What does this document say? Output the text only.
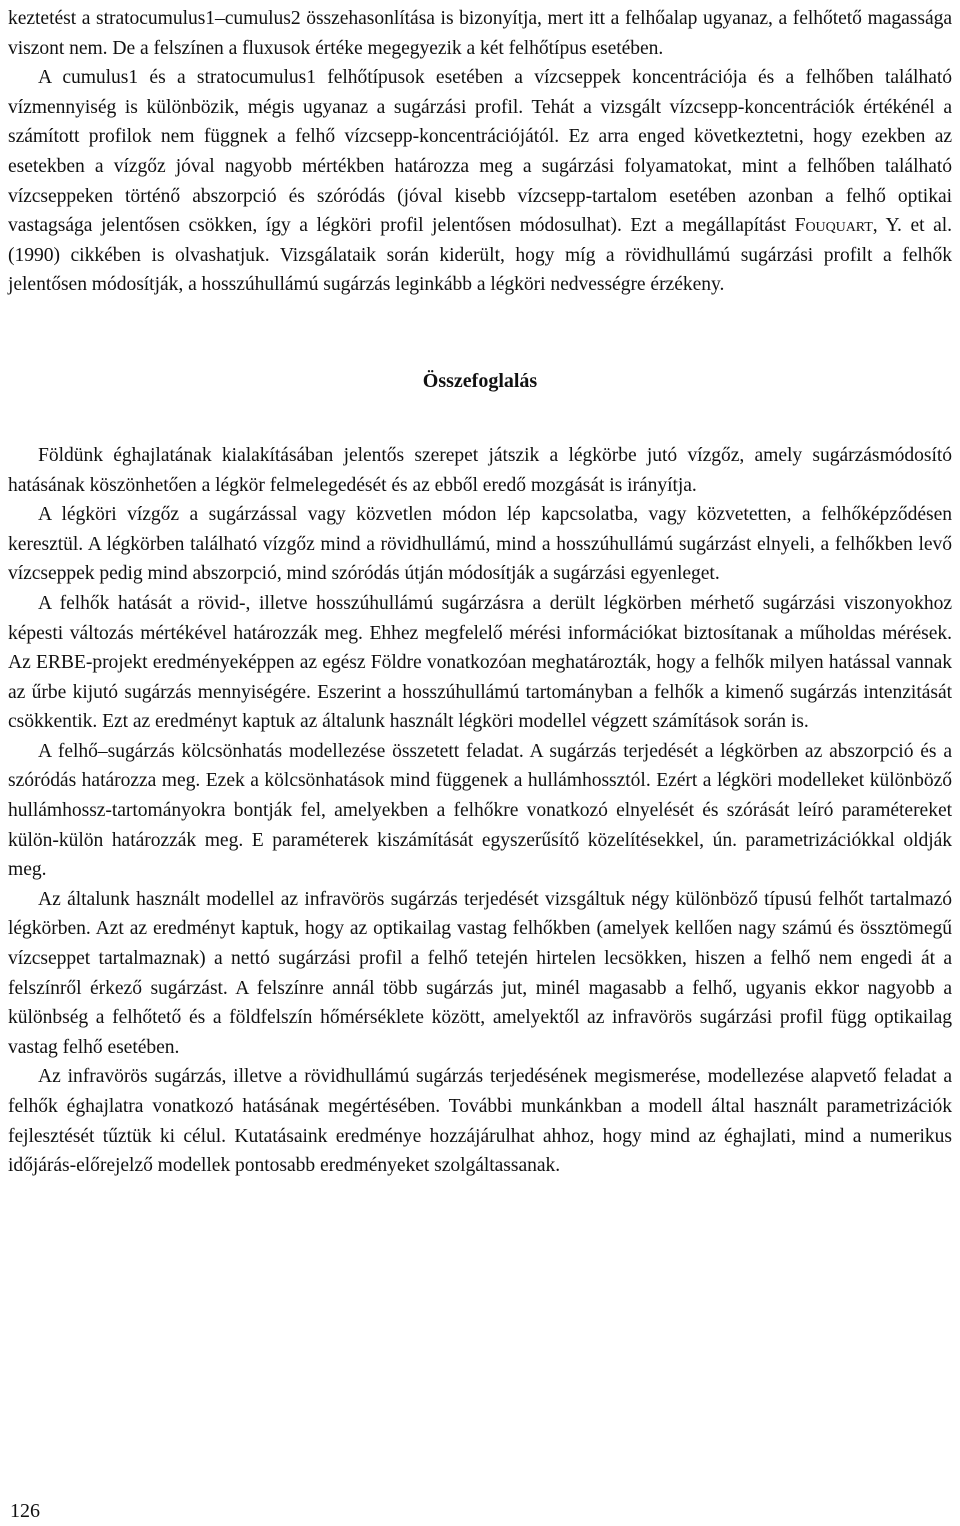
keztetést a stratocumulus1–cumulus2 összehasonlítása is bizonyítja, mert itt a felhőalap ugyanaz, a felhőtető magassága viszont nem. De a felszínen a fluxusok értéke megegyezik a két felhőtípus esetében.

A cumulus1 és a stratocumulus1 felhőtípusok esetében a vízcseppek koncentrációja és a felhőben található vízmennyiség is különbözik, mégis ugyanaz a sugárzási profil. Tehát a vizsgált vízcsepp-koncentrációk értékénél a számított profilok nem függnek a felhő vízcsepp-koncentrációjától. Ez arra enged következtetni, hogy ezekben az esetekben a vízgőz jóval nagyobb mértékben határozza meg a sugárzási folyamatokat, mint a felhőben található vízcseppeken történő abszorpció és szóródás (jóval kisebb vízcsepp-tartalom esetében azonban a felhő optikai vastagsága jelentősen csökken, így a légköri profil jelentősen módosulhat). Ezt a megállapítást Fouquart, Y. et al. (1990) cikkében is olvashatjuk. Vizsgálataik során kiderült, hogy míg a rövidhullámú sugárzási profilt a felhők jelentősen módosítják, a hosszúhullámú sugárzás leginkább a légköri nedvességre érzékeny.

Összefoglalás

Földünk éghajlatának kialakításában jelentős szerepet játszik a légkörbe jutó vízgőz, amely sugárzásmódosító hatásának köszönhetően a légkör felmelegedését és az ebből eredő mozgását is irányítja.

A légköri vízgőz a sugárzással vagy közvetlen módon lép kapcsolatba, vagy közvetetten, a felhőképződésen keresztül. A légkörben található vízgőz mind a rövidhullámú, mind a hosszúhullámú sugárzást elnyeli, a felhőkben levő vízcseppek pedig mind abszorpció, mind szóródás útján módosítják a sugárzási egyenleget.

A felhők hatását a rövid-, illetve hosszúhullámú sugárzásra a derült légkörben mérhető sugárzási viszonyokhoz képesti változás mértékével határozzák meg. Ehhez megfelelő mérési információkat biztosítanak a műholdas mérések. Az ERBE-projekt eredményeképpen az egész Földre vonatkozóan meghatározták, hogy a felhők milyen hatással vannak az űrbe kijutó sugárzás mennyiségére. Eszerint a hosszúhullámú tartományban a felhők a kimenő sugárzás intenzitását csökkentik. Ezt az eredményt kaptuk az általunk használt légköri modellel végzett számítások során is.

A felhő–sugárzás kölcsönhatás modellezése összetett feladat. A sugárzás terjedését a légkörben az abszorpció és a szóródás határozza meg. Ezek a kölcsönhatások mind függenek a hullámhossztól. Ezért a légköri modelleket különböző hullámhossz-tartományokra bontják fel, amelyekben a felhőkre vonatkozó elnyelését és szórását leíró paramétereket külön-külön határozzák meg. E paraméterek kiszámítását egyszerűsítő közelítésekkel, ún. parametrizációkkal oldják meg.

Az általunk használt modellel az infravörös sugárzás terjedését vizsgáltuk négy különböző típusú felhőt tartalmazó légkörben. Azt az eredményt kaptuk, hogy az optikailag vastag felhőkben (amelyek kellően nagy számú és össztömegű vízcseppet tartalmaznak) a nettó sugárzási profil a felhő tetején hirtelen lecsökken, hiszen a felhő nem engedi át a felszínről érkező sugárzást. A felszínre annál több sugárzás jut, minél magasabb a felhő, ugyanis ekkor nagyobb a különbség a felhőtető és a földfelszín hőmérséklete között, amelyektől az infravörös sugárzási profil függ optikailag vastag felhő esetében.

Az infravörös sugárzás, illetve a rövidhullámú sugárzás terjedésének megismerése, modellezése alapvető feladat a felhők éghajlatra vonatkozó hatásának megértésében. További munkánkban a modell által használt parametrizációk fejlesztését tűztük ki célul. Kutatásaink eredménye hozzájárulhat ahhoz, hogy mind az éghajlati, mind a numerikus időjárás-előrejelző modellek pontosabb eredményeket szolgáltassanak.

126
